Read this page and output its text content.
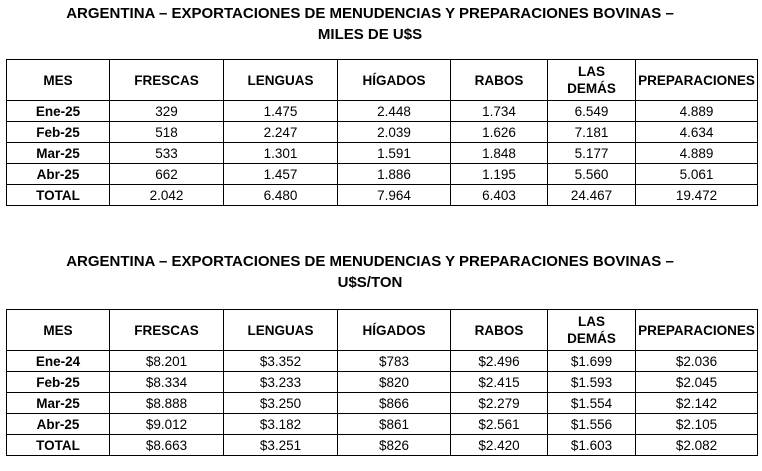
ARGENTINA – EXPORTACIONES DE MENUDENCIAS Y PREPARACIONES BOVINAS –
MILES DE U$S
MES	FRESCAS	LENGUAS	HÍGADOS	RABOS	LAS DEMÁS	PREPARACIONES
Ene-25	329	1.475	2.448	1.734	6.549	4.889
Feb-25	518	2.247	2.039	1.626	7.181	4.634
Mar-25	533	1.301	1.591	1.848	5.177	4.889
Abr-25	662	1.457	1.886	1.195	5.560	5.061
TOTAL	2.042	6.480	7.964	6.403	24.467	19.472
ARGENTINA – EXPORTACIONES DE MENUDENCIAS Y PREPARACIONES BOVINAS –
U$S/TON
MES	FRESCAS	LENGUAS	HÍGADOS	RABOS	LAS DEMÁS	PREPARACIONES
Ene-24	$8.201	$3.352	$783	$2.496	$1.699	$2.036
Feb-25	$8.334	$3.233	$820	$2.415	$1.593	$2.045
Mar-25	$8.888	$3.250	$866	$2.279	$1.554	$2.142
Abr-25	$9.012	$3.182	$861	$2.561	$1.556	$2.105
TOTAL	$8.663	$3.251	$826	$2.420	$1.603	$2.082
